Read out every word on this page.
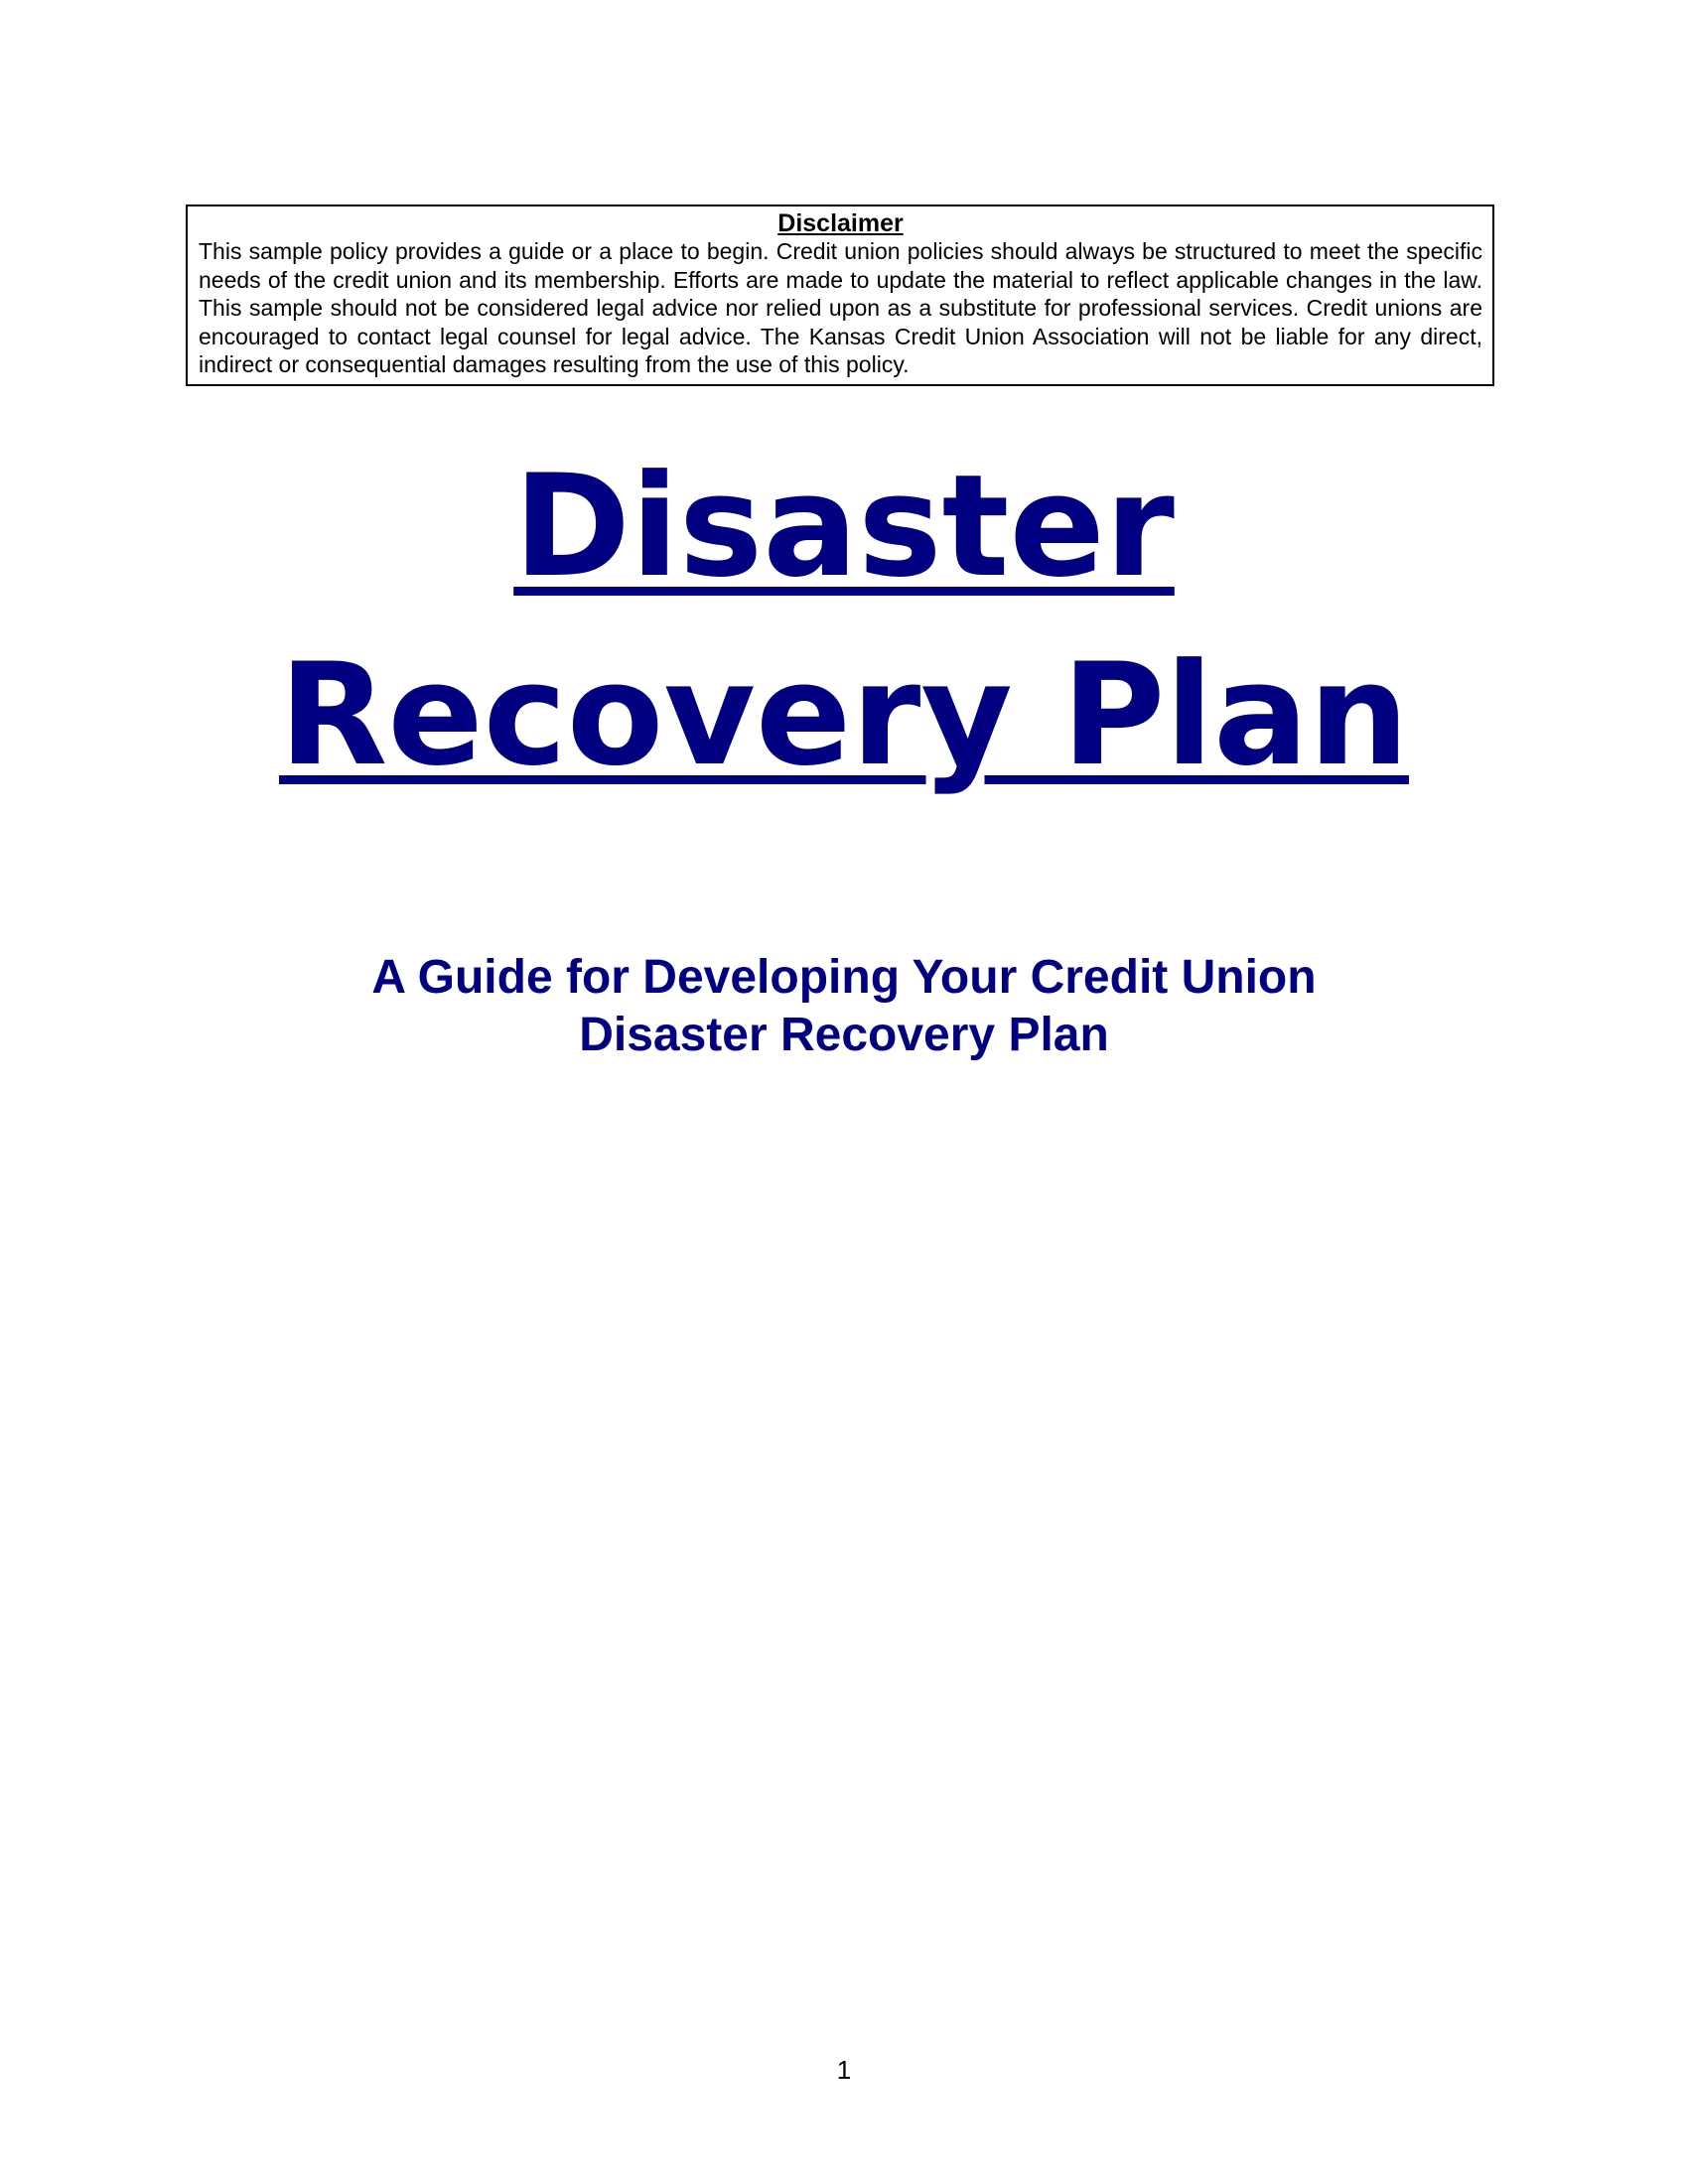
Disclaimer

This sample policy provides a guide or a place to begin. Credit union policies should always be structured to meet the specific needs of the credit union and its membership. Efforts are made to update the material to reflect applicable changes in the law. This sample should not be considered legal advice nor relied upon as a substitute for professional services. Credit unions are encouraged to contact legal counsel for legal advice. The Kansas Credit Union Association will not be liable for any direct, indirect or consequential damages resulting from the use of this policy.

Disaster
Recovery Plan
A Guide for Developing Your Credit Union
Disaster Recovery Plan
1
